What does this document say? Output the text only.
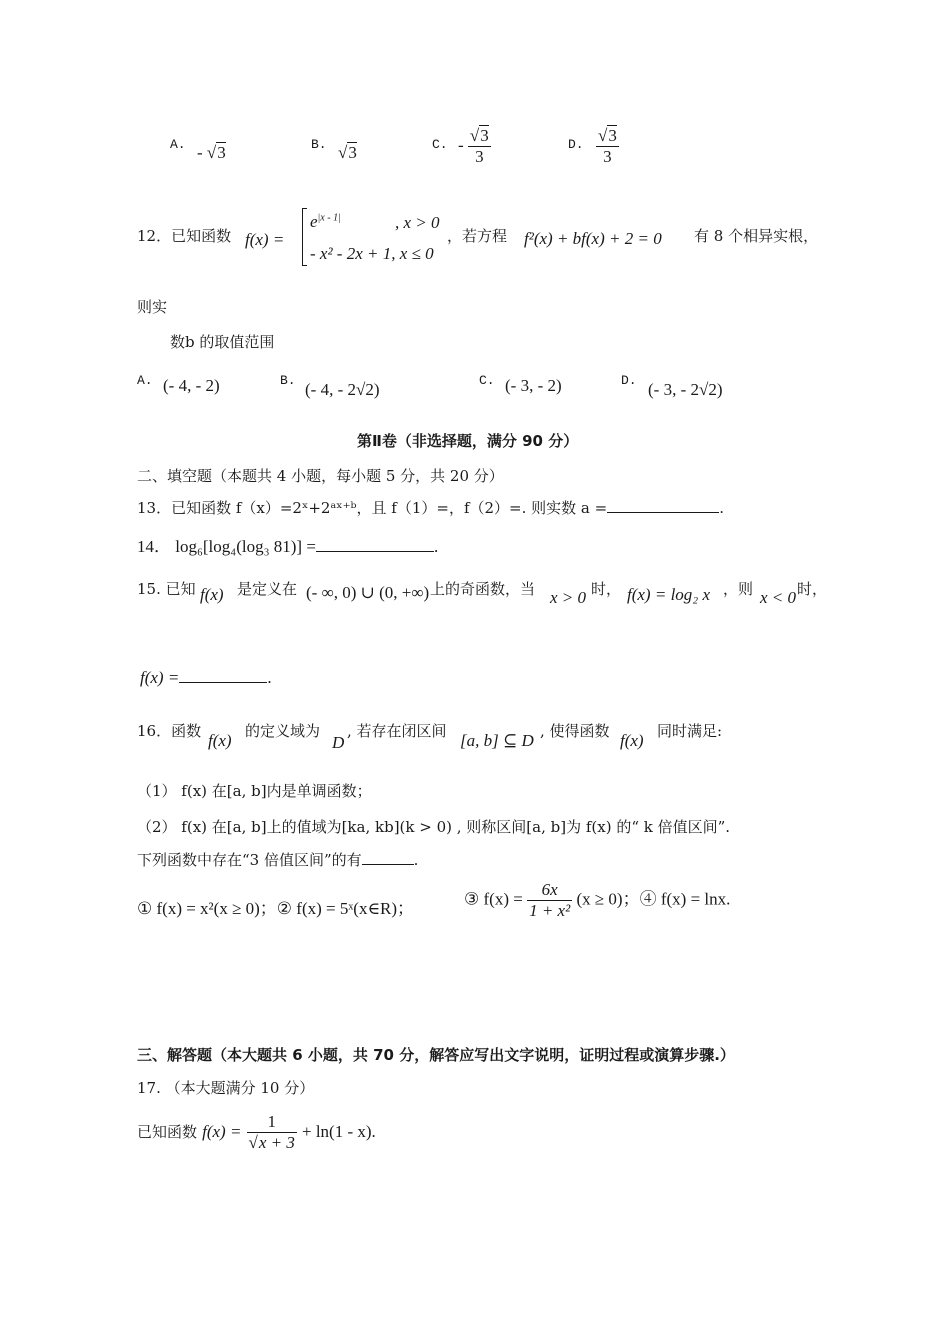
A. - √3	B. √3	C. - $\frac{√3}{3}$	D. $\frac{√3}{3}$
12．已知函数 f(x) =
$e^{|x - 1|}$	, x > 0
- x² - 2x + 1, x ≤ 0
，若方程 f²(x) + bf(x) + 2 = 0 有 8 个相异实根，
则实
数b 的取值范围
A. (- 4, - 2)	B. (- 4, - 2√2)	C. (- 3, - 2)	D. (- 3, - 2√2)
第Ⅱ卷（非选择题，满分 90 分）
二、填空题（本题共 4 小题，每小题 5 分，共 20 分）
13．已知函数 f（x）=2ˣ+2ᵃˣ⁺ᵇ，且 f（1）=，f（2）=. 则实数 a =	.
14． log₆[log₄(log₃ 81)] =	.
15. 已知 f(x) 是定义在 (- ∞, 0) ∪ (0, +∞) 上的奇函数，当 x > 0 时， f(x) = log₂ x ，则 x < 0 时，
f(x) =	.
16．函数 f(x) 的定义域为
D
, 若存在闭区间 [a, b] ⊆ D , 使得函数 f(x) 同时满足:
（1） f(x) 在[a, b]内是单调函数；
（2） f(x) 在[a, b]上的值域为[ka, kb](k > 0) , 则称区间[a, b]为 f(x) 的“ k 倍值区间”.
下列函数中存在“3 倍值区间”的有	.
① f(x) = x²(x ≥ 0)；② f(x) = 5ˣ(x∈R)；
③ $f(x) = \frac{6x}{\text{1 + x²}} (x \ge 0)$；④ f(x) = lnx.
三、解答题（本大题共 6 小题，共 70 分，解答应写出文字说明，证明过程或演算步骤.）
17. （本大题满分 10 分）
已知函数 $f(x) = \frac{1}{√x + 3} + \ln(1 - x)$.
